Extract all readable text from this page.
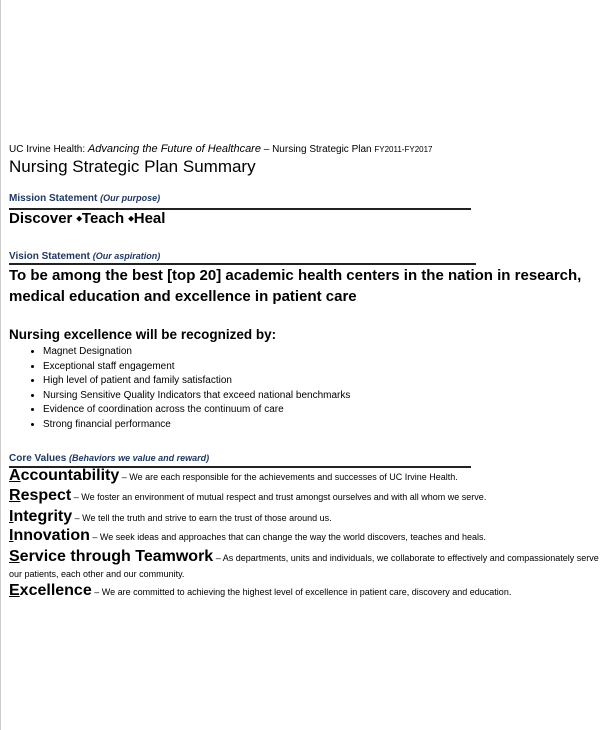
UC Irvine Health: Advancing the Future of Healthcare – Nursing Strategic Plan FY2011-FY2017
Nursing Strategic Plan Summary
Mission Statement (Our purpose)
Discover ⬩Teach ⬩Heal
Vision Statement (Our aspiration)
To be among the best [top 20] academic health centers in the nation in research,
medical education and excellence in patient care
Nursing excellence will be recognized by:
• Magnet Designation
• Exceptional staff engagement
• High level of patient and family satisfaction
• Nursing Sensitive Quality Indicators that exceed national benchmarks
• Evidence of coordination across the continuum of care
• Strong financial performance
Core Values (Behaviors we value and reward)
Accountability – We are each responsible for the achievements and successes of UC Irvine Health.
Respect – We foster an environment of mutual respect and trust amongst ourselves and with all whom we serve.
Integrity – We tell the truth and strive to earn the trust of those around us.
Innovation – We seek ideas and approaches that can change the way the world discovers, teaches and heals.
Service through Teamwork – As departments, units and individuals, we collaborate to effectively and compassionately serve
our patients, each other and our community.
Excellence – We are committed to achieving the highest level of excellence in patient care, discovery and education.
